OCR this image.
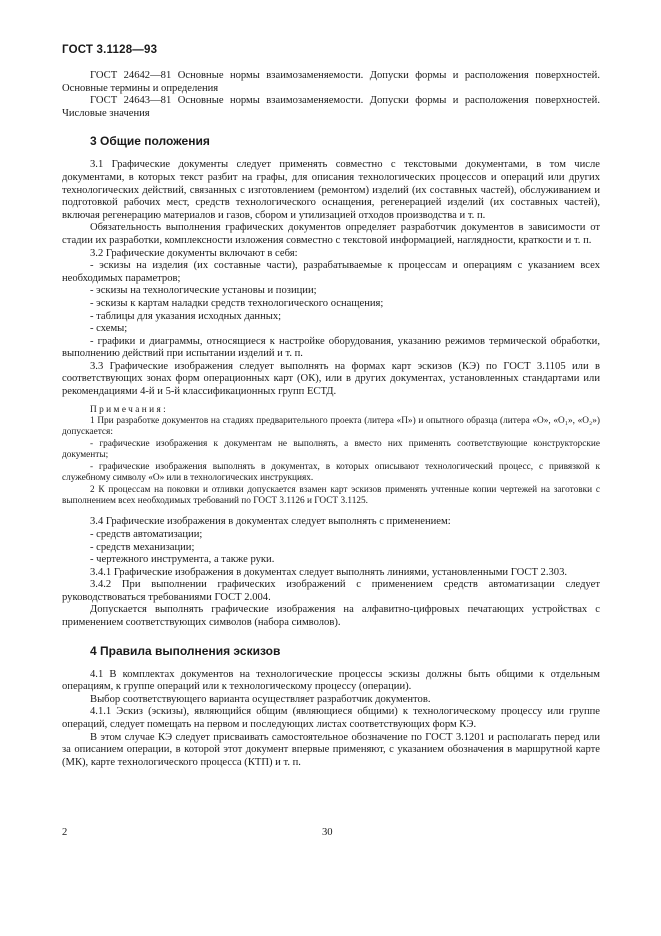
ГОСТ 3.1128—93

ГОСТ 24642—81 Основные нормы взаимозаменяемости. Допуски формы и расположения поверхностей. Основные термины и определения

ГОСТ 24643—81 Основные нормы взаимозаменяемости. Допуски формы и расположения поверхностей. Числовые значения

3 Общие положения

3.1 Графические документы следует применять совместно с текстовыми документами, в том числе документами, в которых текст разбит на графы, для описания технологических процессов и операций или других технологических действий, связанных с изготовлением (ремонтом) изделий (их составных частей), обслуживанием и подготовкой рабочих мест, средств технологического оснащения, регенерацией изделий (их составных частей), включая регенерацию материалов и газов, сбором и утилизацией отходов производства и т. п.

Обязательность выполнения графических документов определяет разработчик документов в зависимости от стадии их разработки, комплексности изложения совместно с текстовой информацией, наглядности, краткости и т. п.

3.2 Графические документы включают в себя:

- эскизы на изделия (их составные части), разрабатываемые к процессам и операциям с указанием всех необходимых параметров;

- эскизы на технологические установы и позиции;

- эскизы к картам наладки средств технологического оснащения;

- таблицы для указания исходных данных;

- схемы;

- графики и диаграммы, относящиеся к настройке оборудования, указанию режимов термической обработки, выполнению действий при испытании изделий и т. п.

3.3 Графические изображения следует выполнять на формах карт эскизов (КЭ) по ГОСТ 3.1105 или в соответствующих зонах форм операционных карт (ОК), или в других документах, установленных стандартами или рекомендациями 4-й и 5-й классификационных групп ЕСТД.

Примечания:

1 При разработке документов на стадиях предварительного проекта (литера «П») и опытного образца (литера «О», «О₁», «О₂») допускается:

- графические изображения к документам не выполнять, а вместо них применять соответствующие конструкторские документы;

- графические изображения выполнять в документах, в которых описывают технологический процесс, с привязкой к служебному символу «О» или в технологических инструкциях.

2 К процессам на поковки и отливки допускается взамен карт эскизов применять учтенные копии чертежей на заготовки с выполнением всех необходимых требований по ГОСТ 3.1126 и ГОСТ 3.1125.

3.4 Графические изображения в документах следует выполнять с применением:

- средств автоматизации;

- средств механизации;

- чертежного инструмента, а также руки.

3.4.1 Графические изображения в документах следует выполнять линиями, установленными ГОСТ 2.303.

3.4.2 При выполнении графических изображений с применением средств автоматизации следует руководствоваться требованиями ГОСТ 2.004.

Допускается выполнять графические изображения на алфавитно-цифровых печатающих устройствах с применением соответствующих символов (набора символов).

4 Правила выполнения эскизов

4.1 В комплектах документов на технологические процессы эскизы должны быть общими к отдельным операциям, к группе операций или к технологическому процессу (операции).

Выбор соответствующего варианта осуществляет разработчик документов.

4.1.1 Эскиз (эскизы), являющийся общим (являющиеся общими) к технологическому процессу или группе операций, следует помещать на первом и последующих листах соответствующих форм КЭ.

В этом случае КЭ следует присваивать самостоятельное обозначение по ГОСТ 3.1201 и располагать перед или за описанием операции, в которой этот документ впервые применяют, с указанием обозначения в маршрутной карте (МК), карте технологического процесса (КТП) и т. п.

2	30
